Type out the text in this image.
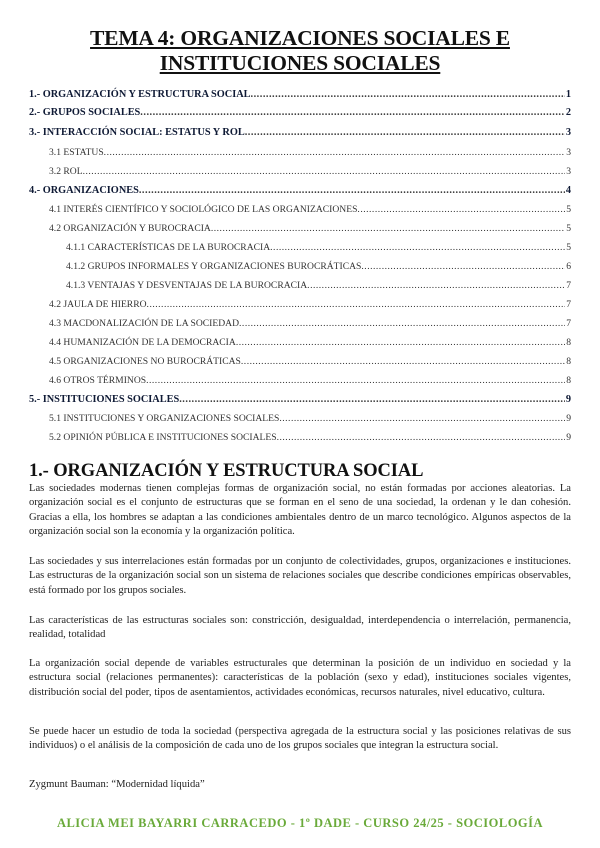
TEMA 4: ORGANIZACIONES SOCIALES E
INSTITUCIONES SOCIALES
1.- ORGANIZACIÓN Y ESTRUCTURA SOCIAL .....	1
2.- GRUPOS SOCIALES .....	2
3.- INTERACCIÓN SOCIAL: ESTATUS Y ROL .....	3
3.1 ESTATUS .....	3
3.2 ROL .....	3
4.- ORGANIZACIONES .....	4
4.1 INTERÉS CIENTÍFICO Y SOCIOLÓGICO DE LAS ORGANIZACIONES .....	5
4.2 ORGANIZACIÓN Y BUROCRACIA .....	5
4.1.1 CARACTERÍSTICAS DE LA BUROCRACIA .....	5
4.1.2 GRUPOS INFORMALES Y ORGANIZACIONES BUROCRÁTICAS .....	6
4.1.3 VENTAJAS Y DESVENTAJAS DE LA BUROCRACIA .....	7
4.2 JAULA DE HIERRO .....	7
4.3 MACDONALIZACIÓN DE LA SOCIEDAD .....	7
4.4 HUMANIZACIÓN DE LA DEMOCRACIA .....	8
4.5 ORGANIZACIONES NO BUROCRÁTICAS .....	8
4.6 OTROS TÉRMINOS .....	8
5.- INSTITUCIONES SOCIALES .....	9
5.1 INSTITUCIONES Y ORGANIZACIONES SOCIALES .....	9
5.2 OPINIÓN PÚBLICA E INSTITUCIONES SOCIALES .....	9
1.- ORGANIZACIÓN Y ESTRUCTURA SOCIAL

Las sociedades modernas tienen complejas formas de organización social, no están formadas por acciones aleatorias. La organización social es el conjunto de estructuras que se forman en el seno de una sociedad, la ordenan y le dan cohesión. Gracias a ella, los hombres se adaptan a las condiciones ambientales dentro de un marco tecnológico. Algunos aspectos de la organización social son la economía y la organización política.

Las sociedades y sus interrelaciones están formadas por un conjunto de colectividades, grupos, organizaciones e instituciones. Las estructuras de la organización social son un sistema de relaciones sociales que describe condiciones empíricas observables, está formado por los grupos sociales.

Las características de las estructuras sociales son: constricción, desigualdad, interdependencia o interrelación, permanencia, realidad, totalidad

La organización social depende de variables estructurales que determinan la posición de un individuo en sociedad y la estructura social (relaciones permanentes): características de la población (sexo y edad), instituciones sociales vigentes, distribución social del poder, tipos de asentamientos, actividades económicas, recursos naturales, nivel educativo, cultura.

Se puede hacer un estudio de toda la sociedad (perspectiva agregada de la estructura social y las posiciones relativas de sus individuos) o el análisis de la composición de cada uno de los grupos sociales que integran la estructura social.

Zygmunt Bauman: “Modernidad líquida”

ALICIA MEI BAYARRI CARRACEDO - 1º DADE - CURSO 24/25 - SOCIOLOGÍA
